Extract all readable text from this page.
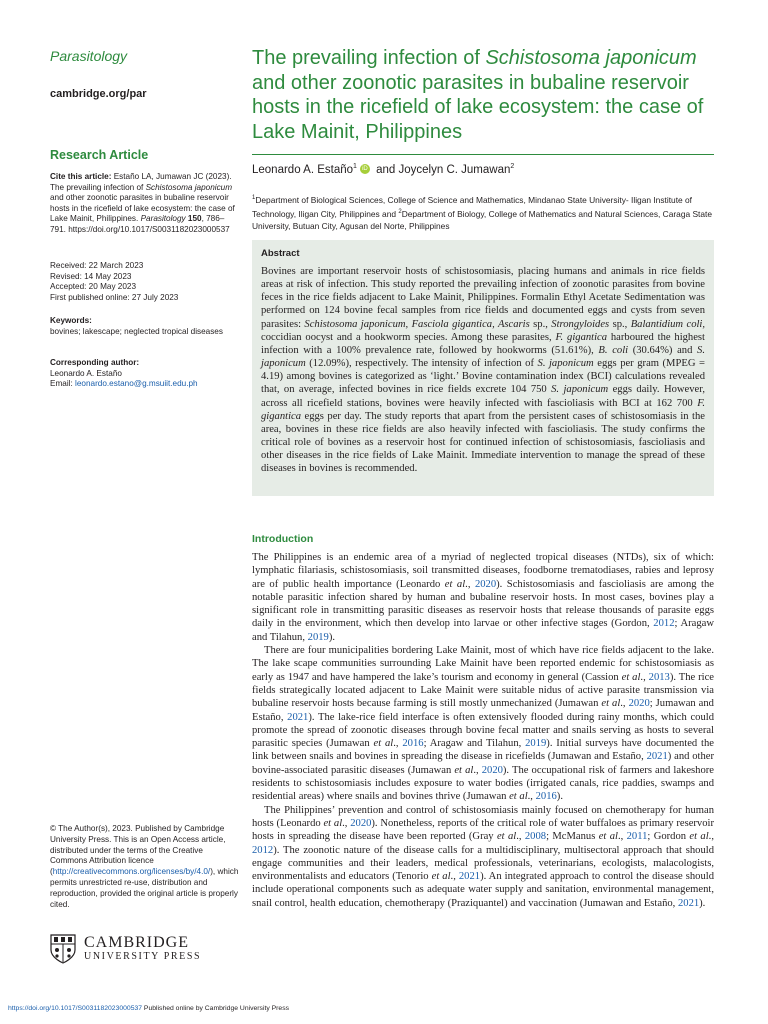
Parasitology
cambridge.org/par
Research Article
Cite this article: Estaño LA, Jumawan JC (2023). The prevailing infection of Schistosoma japonicum and other zoonotic parasites in bubaline reservoir hosts in the ricefield of lake ecosystem: the case of Lake Mainit, Philippines. Parasitology 150, 786–791. https://doi.org/10.1017/S0031182023000537
Received: 22 March 2023
Revised: 14 May 2023
Accepted: 20 May 2023
First published online: 27 July 2023
Keywords:
bovines; lakescape; neglected tropical diseases
Corresponding author:
Leonardo A. Estaño
Email: leonardo.estano@g.msuiit.edu.ph
© The Author(s), 2023. Published by Cambridge University Press. This is an Open Access article, distributed under the terms of the Creative Commons Attribution licence (http://creativecommons.org/licenses/by/4.0/), which permits unrestricted re-use, distribution and reproduction, provided the original article is properly cited.
CAMBRIDGE
UNIVERSITY PRESS
The prevailing infection of Schistosoma japonicum and other zoonotic parasites in bubaline reservoir hosts in the ricefield of lake ecosystem: the case of Lake Mainit, Philippines
Leonardo A. Estaño$^1$ iD and Joycelyn C. Jumawan$^2$
$^1$Department of Biological Sciences, College of Science and Mathematics, Mindanao State University- Iligan Institute of Technology, Iligan City, Philippines and $^2$Department of Biology, College of Mathematics and Natural Sciences, Caraga State University, Butuan City, Agusan del Norte, Philippines
Abstract
Bovines are important reservoir hosts of schistosomiasis, placing humans and animals in rice fields areas at risk of infection. This study reported the prevailing infection of zoonotic parasites from bovine feces in the rice fields adjacent to Lake Mainit, Philippines. Formalin Ethyl Acetate Sedimentation was performed on 124 bovine fecal samples from rice fields and documented eggs and cysts from seven parasites: Schistosoma japonicum, Fasciola gigantica, Ascaris sp., Strongyloides sp., Balantidium coli, coccidian oocyst and a hookworm species. Among these parasites, F. gigantica harboured the highest infection with a 100% prevalence rate, followed by hookworms (51.61%), B. coli (30.64%) and S. japonicum (12.09%), respectively. The intensity of infection of S. japonicum eggs per gram (MPEG = 4.19) among bovines is categorized as ‘light.’ Bovine contamination index (BCI) calculations revealed that, on average, infected bovines in rice fields excrete 104 750 S. japonicum eggs daily. However, across all ricefield stations, bovines were heavily infected with fascioliasis with BCI at 162 700 F. gigantica eggs per day. The study reports that apart from the persistent cases of schistosomiasis in the area, bovines in these rice fields are also heavily infected with fascioliasis. The study confirms the critical role of bovines as a reservoir host for continued infection of schistosomiasis, fascioliasis and other diseases in the rice fields of Lake Mainit. Immediate intervention to manage the spread of these diseases in bovines is recommended.
Introduction

The Philippines is an endemic area of a myriad of neglected tropical diseases (NTDs), six of which: lymphatic filariasis, schistosomiasis, soil transmitted diseases, foodborne trematodiases, rabies and leprosy are of public health importance (Leonardo et al., 2020). Schistosomiasis and fascioliasis are among the notable parasitic infection shared by human and bubaline reservoir hosts. In most cases, bovines play a significant role in transmitting parasitic diseases as reservoir hosts that release thousands of parasite eggs daily in the environment, which then develop into larvae or other infective stages (Gordon, 2012; Aragaw and Tilahun, 2019).

There are four municipalities bordering Lake Mainit, most of which have rice fields adjacent to the lake. The lake scape communities surrounding Lake Mainit have been reported endemic for schistosomiasis as early as 1947 and have hampered the lake’s tourism and economy in general (Cassion et al., 2013). The rice fields strategically located adjacent to Lake Mainit were suitable nidus of active parasite transmission via bubaline reservoir hosts because farming is still mostly unmechanized (Jumawan et al., 2020; Jumawan and Estaño, 2021). The lake-rice field interface is often extensively flooded during rainy months, which could promote the spread of zoonotic diseases through bovine fecal matter and snails serving as hosts to several parasitic species (Jumawan et al., 2016; Aragaw and Tilahun, 2019). Initial surveys have documented the link between snails and bovines in spreading the disease in ricefields (Jumawan and Estaño, 2021) and other bovine-associated parasitic diseases (Jumawan et al., 2020). The occupational risk of farmers and lakeshore residents to schistosomiasis includes exposure to water bodies (irrigated canals, rice paddies, swamps and residential areas) where snails and bovines thrive (Jumawan et al., 2016).

The Philippines’ prevention and control of schistosomiasis mainly focused on chemotherapy for human hosts (Leonardo et al., 2020). Nonetheless, reports of the critical role of water buffaloes as primary reservoir hosts in spreading the disease have been reported (Gray et al., 2008; McManus et al., 2011; Gordon et al., 2012). The zoonotic nature of the disease calls for a multidisciplinary, multisectoral approach that should engage communities and their leaders, medical professionals, veterinarians, ecologists, malacologists, environmentalists and educators (Tenorio et al., 2021). An integrated approach to control the disease should include operational components such as adequate water supply and sanitation, environmental management, snail control, health education, chemotherapy (Praziquantel) and vaccination (Jumawan and Estaño, 2021).

https://doi.org/10.1017/S0031182023000537 Published online by Cambridge University Press
